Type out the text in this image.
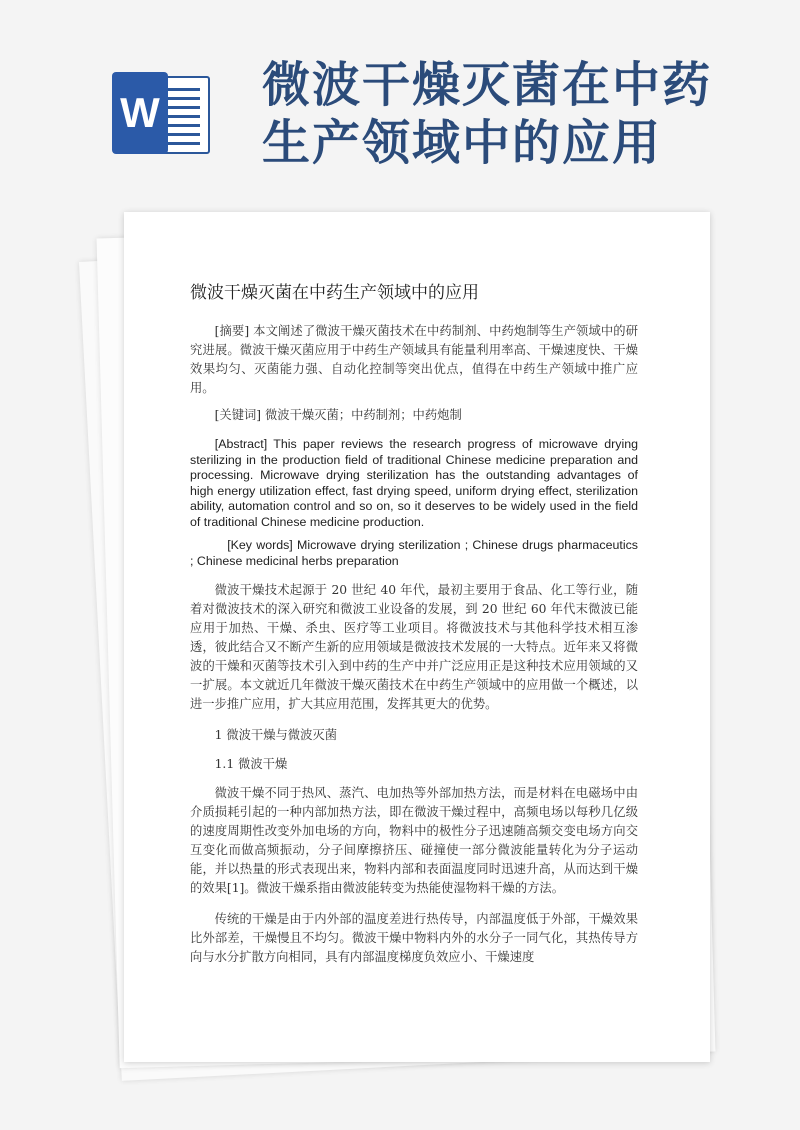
W 微波干燥灭菌在中药生产领域中的应用
微波干燥灭菌在中药生产领域中的应用

[摘要] 本文阐述了微波干燥灭菌技术在中药制剂、中药炮制等生产领域中的研究进展。微波干燥灭菌应用于中药生产领域具有能量利用率高、干燥速度快、干燥效果均匀、灭菌能力强、自动化控制等突出优点，值得在中药生产领域中推广应用。

[关键词] 微波干燥灭菌；中药制剂；中药炮制

[Abstract] This paper reviews the research progress of microwave drying sterilizing in the production field of traditional Chinese medicine preparation and processing. Microwave drying sterilization has the outstanding advantages of high energy utilization effect, fast drying speed, uniform drying effect, sterilization ability, automation control and so on, so it deserves to be widely used in the field of traditional Chinese medicine production.

[Key words] Microwave drying sterilization ; Chinese drugs pharmaceutics ; Chinese medicinal herbs preparation

微波干燥技术起源于 20 世纪 40 年代，最初主要用于食品、化工等行业，随着对微波技术的深入研究和微波工业设备的发展，到 20 世纪 60 年代末微波已能应用于加热、干燥、杀虫、医疗等工业项目。将微波技术与其他科学技术相互渗透，彼此结合又不断产生新的应用领域是微波技术发展的一大特点。近年来又将微波的干燥和灭菌等技术引入到中药的生产中并广泛应用正是这种技术应用领域的又一扩展。本文就近几年微波干燥灭菌技术在中药生产领域中的应用做一个概述，以进一步推广应用，扩大其应用范围，发挥其更大的优势。

1 微波干燥与微波灭菌

1.1 微波干燥

微波干燥不同于热风、蒸汽、电加热等外部加热方法，而是材料在电磁场中由介质损耗引起的一种内部加热方法，即在微波干燥过程中，高频电场以每秒几亿级的速度周期性改变外加电场的方向，物料中的极性分子迅速随高频交变电场方向交互变化而做高频振动，分子间摩擦挤压、碰撞使一部分微波能量转化为分子运动能，并以热量的形式表现出来，物料内部和表面温度同时迅速升高，从而达到干燥的效果[1]。微波干燥系指由微波能转变为热能使湿物料干燥的方法。

传统的干燥是由于内外部的温度差进行热传导，内部温度低于外部，干燥效果比外部差，干燥慢且不均匀。微波干燥中物料内外的水分子一同气化，其热传导方向与水分扩散方向相同，具有内部温度梯度负效应小、干燥速度
